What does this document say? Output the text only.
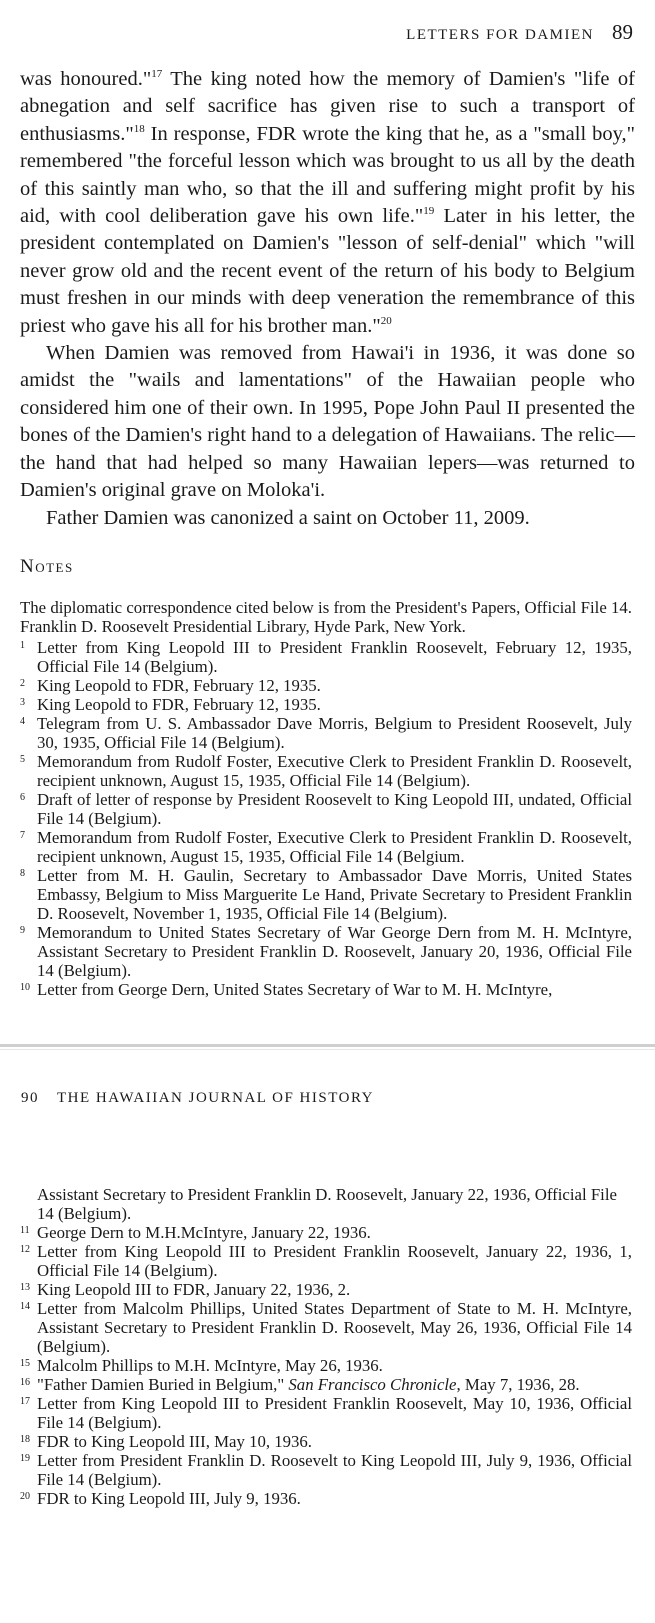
LETTERS FOR DAMIEN 89

was honoured."$^{17}$ The king noted how the memory of Damien's "life of abnegation and self sacrifice has given rise to such a transport of enthusiasms."$^{18}$ In response, FDR wrote the king that he, as a "small boy," remembered "the forceful lesson which was brought to us all by the death of this saintly man who, so that the ill and suffering might profit by his aid, with cool deliberation gave his own life."$^{19}$ Later in his letter, the president contemplated on Damien's "lesson of self-denial" which "will never grow old and the recent event of the return of his body to Belgium must freshen in our minds with deep veneration the remembrance of this priest who gave his all for his brother man."$^{20}$

When Damien was removed from Hawai'i in 1936, it was done so amidst the "wails and lamentations" of the Hawaiian people who considered him one of their own. In 1995, Pope John Paul II presented the bones of the Damien's right hand to a delegation of Hawaiians. The relic—the hand that had helped so many Hawaiian lepers—was returned to Damien's original grave on Moloka'i.

Father Damien was canonized a saint on October 11, 2009.

Notes
The diplomatic correspondence cited below is from the President's Papers, Official File 14. Franklin D. Roosevelt Presidential Library, Hyde Park, New York.
1 Letter from King Leopold III to President Franklin Roosevelt, February 12, 1935, Official File 14 (Belgium).
2 King Leopold to FDR, February 12, 1935.
3 King Leopold to FDR, February 12, 1935.
4 Telegram from U. S. Ambassador Dave Morris, Belgium to President Roosevelt, July 30, 1935, Official File 14 (Belgium).
5 Memorandum from Rudolf Foster, Executive Clerk to President Franklin D. Roosevelt, recipient unknown, August 15, 1935, Official File 14 (Belgium).
6 Draft of letter of response by President Roosevelt to King Leopold III, undated, Official File 14 (Belgium).
7 Memorandum from Rudolf Foster, Executive Clerk to President Franklin D. Roosevelt, recipient unknown, August 15, 1935, Official File 14 (Belgium.
8 Letter from M. H. Gaulin, Secretary to Ambassador Dave Morris, United States Embassy, Belgium to Miss Marguerite Le Hand, Private Secretary to President Franklin D. Roosevelt, November 1, 1935, Official File 14 (Belgium).
9 Memorandum to United States Secretary of War George Dern from M. H. McIntyre, Assistant Secretary to President Franklin D. Roosevelt, January 20, 1936, Official File 14 (Belgium).
10 Letter from George Dern, United States Secretary of War to M. H. McIntyre,
90 THE HAWAIIAN JOURNAL OF HISTORY
Assistant Secretary to President Franklin D. Roosevelt, January 22, 1936, Official File 14 (Belgium).
11 George Dern to M.H.McIntyre, January 22, 1936.
12 Letter from King Leopold III to President Franklin Roosevelt, January 22, 1936, 1, Official File 14 (Belgium).
13 King Leopold III to FDR, January 22, 1936, 2.
14 Letter from Malcolm Phillips, United States Department of State to M. H. McIntyre, Assistant Secretary to President Franklin D. Roosevelt, May 26, 1936, Official File 14 (Belgium).
15 Malcolm Phillips to M.H. McIntyre, May 26, 1936.
16 "Father Damien Buried in Belgium," San Francisco Chronicle, May 7, 1936, 28.
17 Letter from King Leopold III to President Franklin Roosevelt, May 10, 1936, Official File 14 (Belgium).
18 FDR to King Leopold III, May 10, 1936.
19 Letter from President Franklin D. Roosevelt to King Leopold III, July 9, 1936, Official File 14 (Belgium).
20 FDR to King Leopold III, July 9, 1936.
